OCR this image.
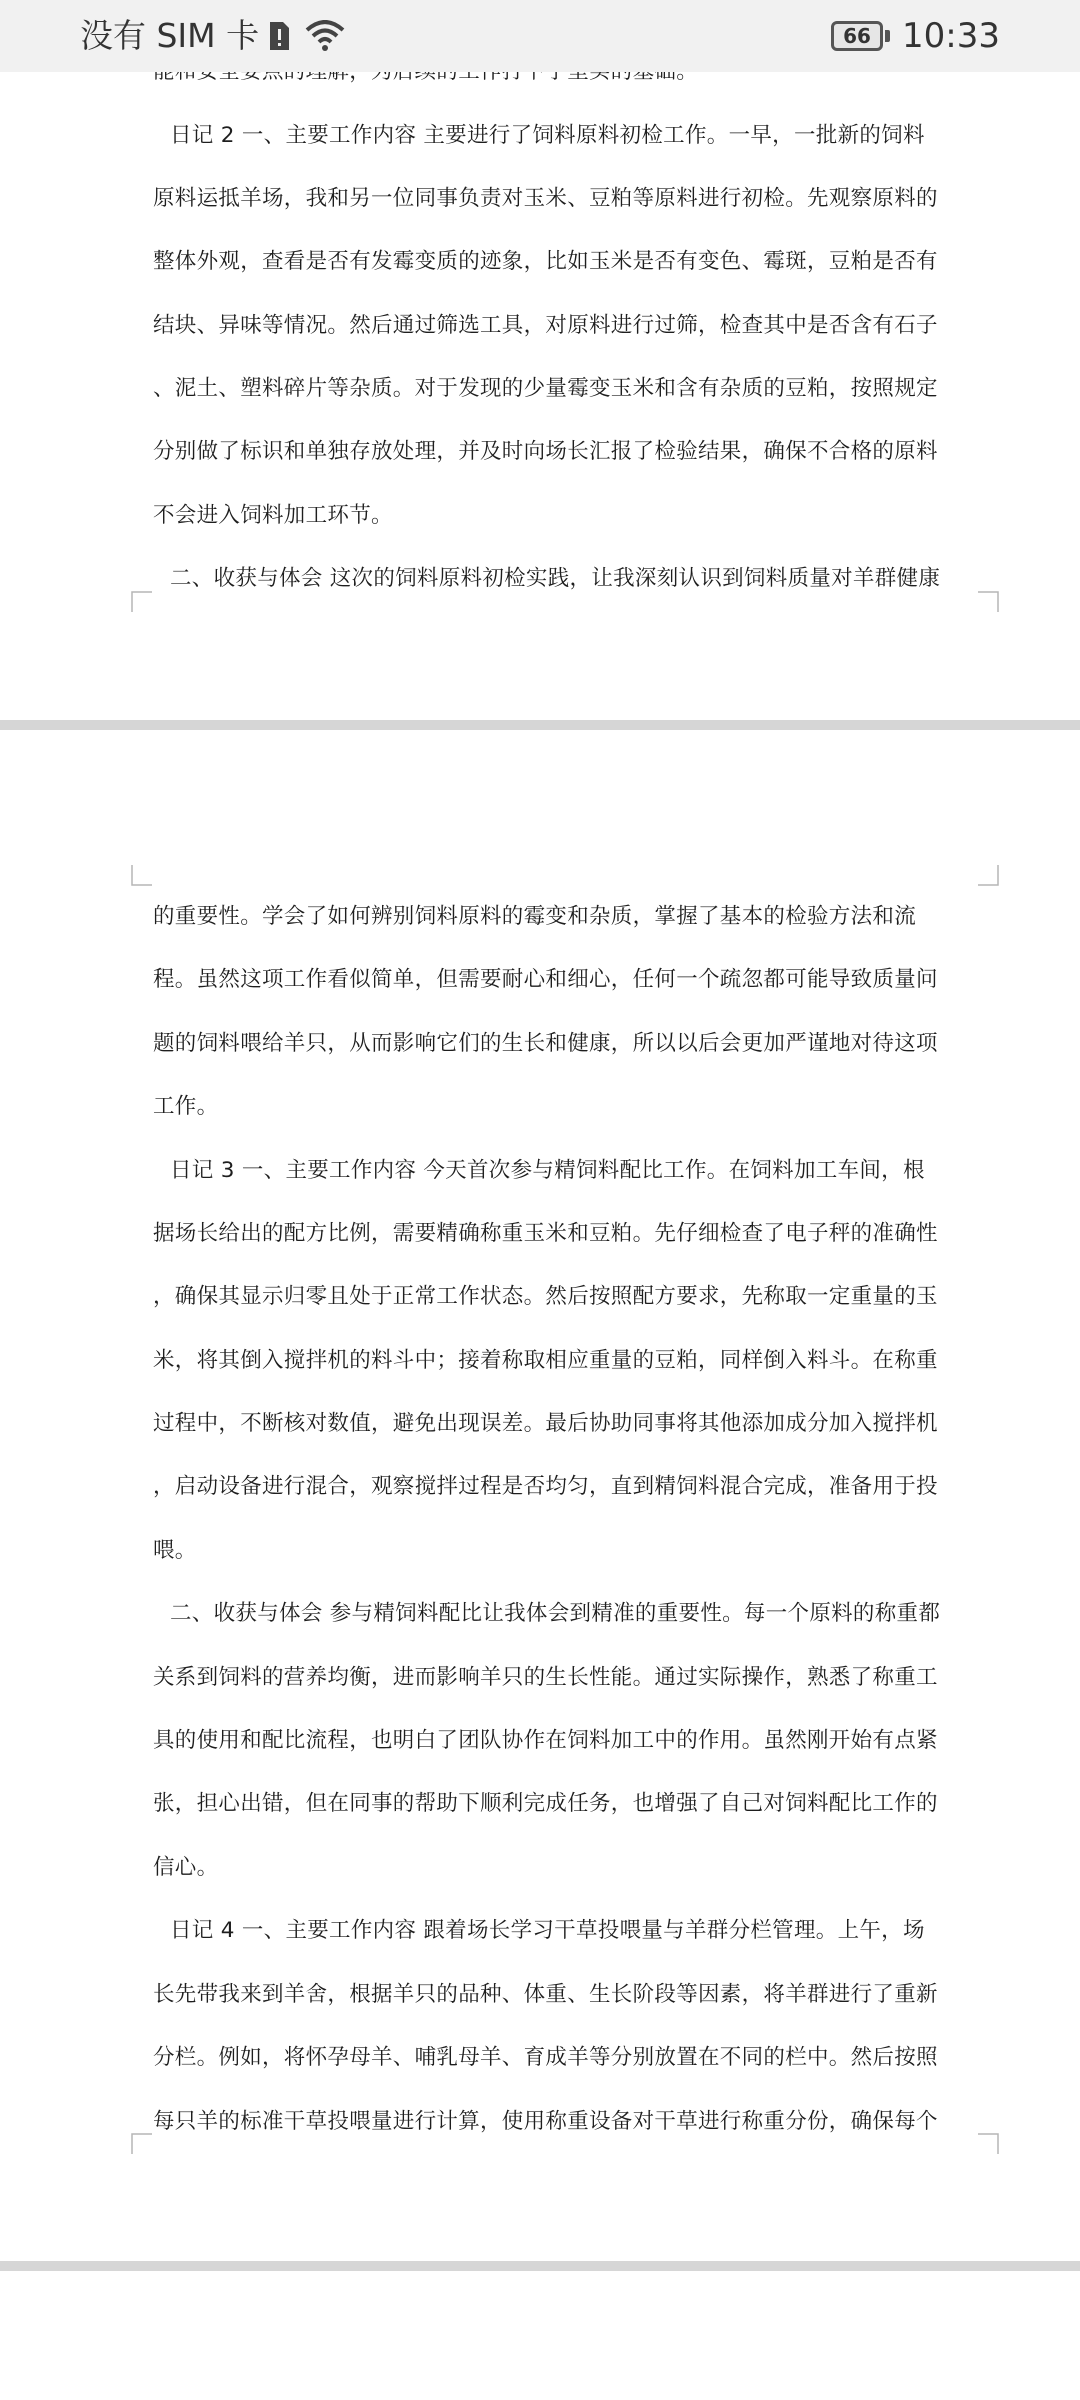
没有 SIM 卡	66 10:33
日记 2 一、主要工作内容 主要进行了饲料原料初检工作。一早，一批新的饲料
原料运抵羊场，我和另一位同事负责对玉米、豆粕等原料进行初检。先观察原料的
整体外观，查看是否有发霉变质的迹象，比如玉米是否有变色、霉斑，豆粕是否有
结块、异味等情况。然后通过筛选工具，对原料进行过筛，检查其中是否含有石子
、泥土、塑料碎片等杂质。对于发现的少量霉变玉米和含有杂质的豆粕，按照规定
分别做了标识和单独存放处理，并及时向场长汇报了检验结果，确保不合格的原料
不会进入饲料加工环节。
二、收获与体会 这次的饲料原料初检实践，让我深刻认识到饲料质量对羊群健康
的重要性。学会了如何辨别饲料原料的霉变和杂质，掌握了基本的检验方法和流
程。虽然这项工作看似简单，但需要耐心和细心，任何一个疏忽都可能导致质量问
题的饲料喂给羊只，从而影响它们的生长和健康，所以以后会更加严谨地对待这项
工作。
日记 3 一、主要工作内容 今天首次参与精饲料配比工作。在饲料加工车间，根
据场长给出的配方比例，需要精确称重玉米和豆粕。先仔细检查了电子秤的准确性
，确保其显示归零且处于正常工作状态。然后按照配方要求，先称取一定重量的玉
米，将其倒入搅拌机的料斗中；接着称取相应重量的豆粕，同样倒入料斗。在称重
过程中，不断核对数值，避免出现误差。最后协助同事将其他添加成分加入搅拌机
，启动设备进行混合，观察搅拌过程是否均匀，直到精饲料混合完成，准备用于投
喂。
二、收获与体会 参与精饲料配比让我体会到精准的重要性。每一个原料的称重都
关系到饲料的营养均衡，进而影响羊只的生长性能。通过实际操作，熟悉了称重工
具的使用和配比流程，也明白了团队协作在饲料加工中的作用。虽然刚开始有点紧
张，担心出错，但在同事的帮助下顺利完成任务，也增强了自己对饲料配比工作的
信心。
日记 4 一、主要工作内容 跟着场长学习干草投喂量与羊群分栏管理。上午，场
长先带我来到羊舍，根据羊只的品种、体重、生长阶段等因素，将羊群进行了重新
分栏。例如，将怀孕母羊、哺乳母羊、育成羊等分别放置在不同的栏中。然后按照
每只羊的标准干草投喂量进行计算，使用称重设备对干草进行称重分份，确保每个
